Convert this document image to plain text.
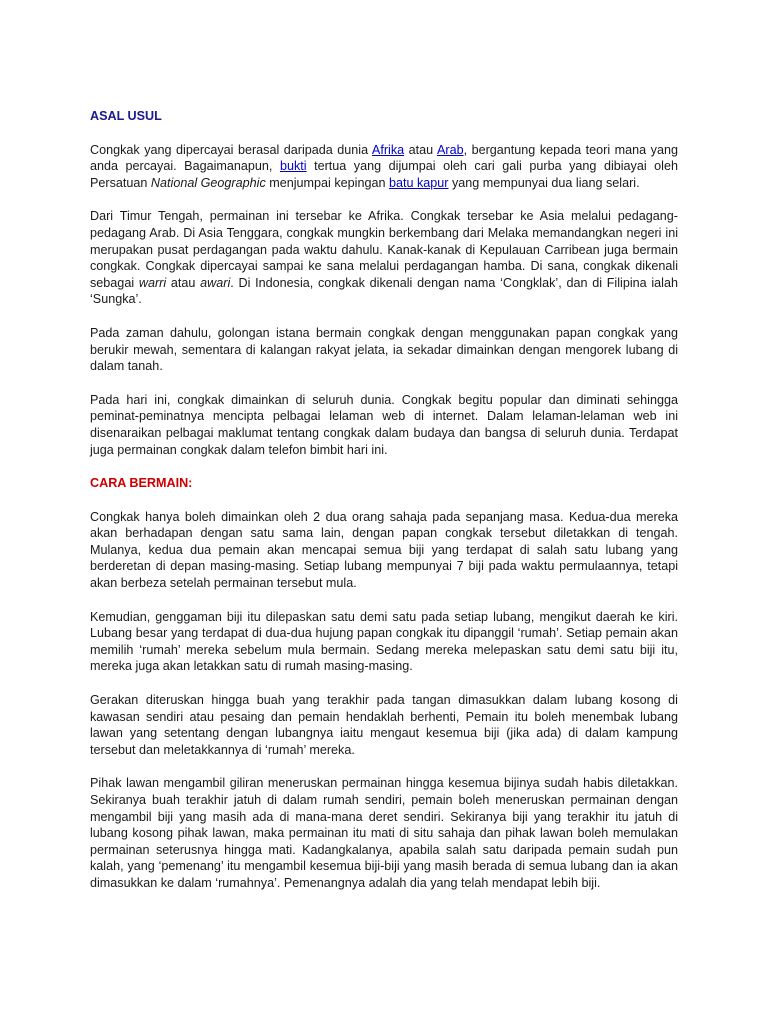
ASAL USUL

Congkak yang dipercayai berasal daripada dunia Afrika atau Arab, bergantung kepada teori mana yang anda percayai. Bagaimanapun, bukti tertua yang dijumpai oleh cari gali purba yang dibiayai oleh Persatuan National Geographic menjumpai kepingan batu kapur yang mempunyai dua liang selari.

Dari Timur Tengah, permainan ini tersebar ke Afrika. Congkak tersebar ke Asia melalui pedagang-pedagang Arab. Di Asia Tenggara, congkak mungkin berkembang dari Melaka memandangkan negeri ini merupakan pusat perdagangan pada waktu dahulu. Kanak-kanak di Kepulauan Carribean juga bermain congkak. Congkak dipercayai sampai ke sana melalui perdagangan hamba. Di sana, congkak dikenali sebagai warri atau awari. Di Indonesia, congkak dikenali dengan nama ‘Congklak’, dan di Filipina ialah ‘Sungka’.

Pada zaman dahulu, golongan istana bermain congkak dengan menggunakan papan congkak yang berukir mewah, sementara di kalangan rakyat jelata, ia sekadar dimainkan dengan mengorek lubang di dalam tanah.

Pada hari ini, congkak dimainkan di seluruh dunia. Congkak begitu popular dan diminati sehingga peminat-peminatnya mencipta pelbagai lelaman web di internet. Dalam lelaman-lelaman web ini disenaraikan pelbagai maklumat tentang congkak dalam budaya dan bangsa di seluruh dunia. Terdapat juga permainan congkak dalam telefon bimbit hari ini.

CARA BERMAIN:

Congkak hanya boleh dimainkan oleh 2 dua orang sahaja pada sepanjang masa. Kedua-dua mereka akan berhadapan dengan satu sama lain, dengan papan congkak tersebut diletakkan di tengah. Mulanya, kedua dua pemain akan mencapai semua biji yang terdapat di salah satu lubang yang berderetan di depan masing-masing. Setiap lubang mempunyai 7 biji pada waktu permulaannya, tetapi akan berbeza setelah permainan tersebut mula.

Kemudian, genggaman biji itu dilepaskan satu demi satu pada setiap lubang, mengikut daerah ke kiri. Lubang besar yang terdapat di dua-dua hujung papan congkak itu dipanggil ‘rumah’. Setiap pemain akan memilih ‘rumah’ mereka sebelum mula bermain. Sedang mereka melepaskan satu demi satu biji itu, mereka juga akan letakkan satu di rumah masing-masing.

Gerakan diteruskan hingga buah yang terakhir pada tangan dimasukkan dalam lubang kosong di kawasan sendiri atau pesaing dan pemain hendaklah berhenti, Pemain itu boleh menembak lubang lawan yang setentang dengan lubangnya iaitu mengaut kesemua biji (jika ada) di dalam kampung tersebut dan meletakkannya di ‘rumah’ mereka.

Pihak lawan mengambil giliran meneruskan permainan hingga kesemua bijinya sudah habis diletakkan. Sekiranya buah terakhir jatuh di dalam rumah sendiri, pemain boleh meneruskan permainan dengan mengambil biji yang masih ada di mana-mana deret sendiri. Sekiranya biji yang terakhir itu jatuh di lubang kosong pihak lawan, maka permainan itu mati di situ sahaja dan pihak lawan boleh memulakan permainan seterusnya hingga mati. Kadangkalanya, apabila salah satu daripada pemain sudah pun kalah, yang ‘pemenang’ itu mengambil kesemua biji-biji yang masih berada di semua lubang dan ia akan dimasukkan ke dalam ‘rumahnya’. Pemenangnya adalah dia yang telah mendapat lebih biji.
